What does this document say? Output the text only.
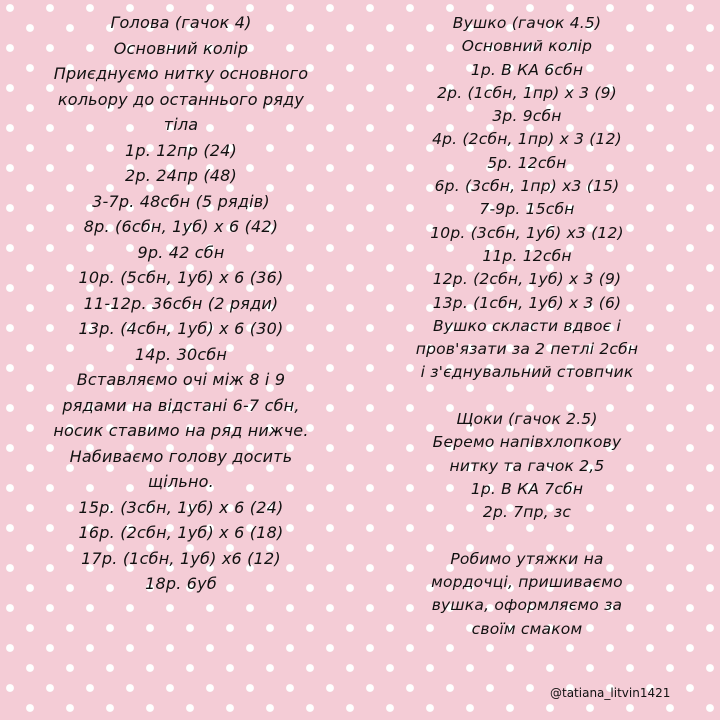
Голова (гачок 4)
Основний колір
Приєднуємо нитку основного
кольору до останнього ряду
тіла
1р. 12пр (24)
2р. 24пр (48)
3-7р. 48сбн (5 рядів)
8р. (6сбн, 1уб) х 6 (42)
9р. 42 сбн
10р. (5сбн, 1уб) х 6 (36)
11-12р. 36сбн (2 ряди)
13р. (4сбн, 1уб) х 6 (30)
14р. 30сбн
Вставляємо очі між 8 і 9
рядами на відстані 6-7 сбн,
носик ставимо на ряд нижче.
Набиваємо голову досить
щільно.
15р. (3сбн, 1уб) х 6 (24)
16р. (2сбн, 1уб) х 6 (18)
17р. (1сбн, 1уб) х6 (12)
18р. 6уб
Вушко (гачок 4.5)
Основний колір
1р. В КА 6сбн
2р. (1сбн, 1пр) х 3 (9)
3р. 9сбн
4р. (2сбн, 1пр) х 3 (12)
5р. 12сбн
6р. (3сбн, 1пр) х3 (15)
7-9р. 15сбн
10р. (3сбн, 1уб) х3 (12)
11р. 12сбн
12р. (2сбн, 1уб) х 3 (9)
13р. (1сбн, 1уб) х 3 (6)
Вушко скласти вдвоє і
пров'язати за 2 петлі 2сбн
і з'єднувальний стовпчик
Щоки (гачок 2.5)
Беремо напівхлопкову
нитку та гачок 2,5
1р. В КА 7сбн
2р. 7пр, зс
Робимо утяжки на
мордочці, пришиваємо
вушка, оформляємо за
своїм смаком
@tatiana_litvin1421
